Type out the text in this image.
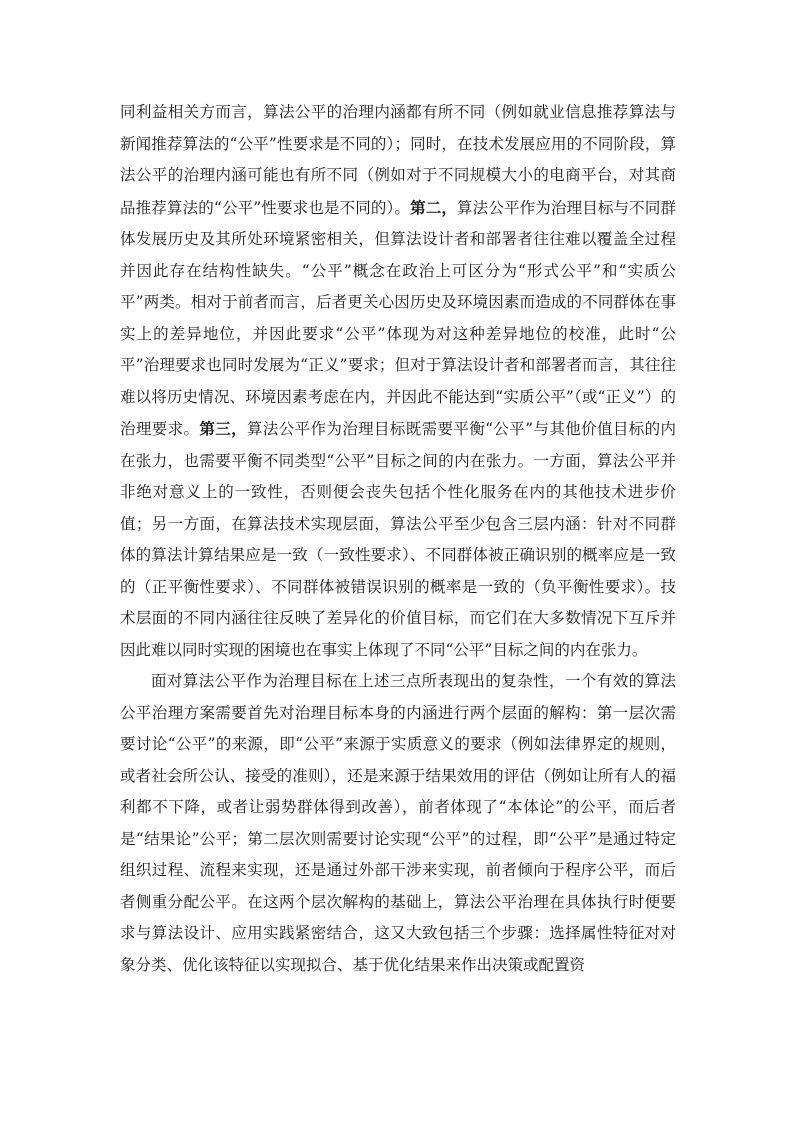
同利益相关方而言，算法公平的治理内涵都有所不同（例如就业信息推荐算法与新闻推荐算法的“公平”性要求是不同的）；同时，在技术发展应用的不同阶段，算法公平的治理内涵可能也有所不同（例如对于不同规模大小的电商平台，对其商品推荐算法的“公平”性要求也是不同的）。第二，算法公平作为治理目标与不同群体发展历史及其所处环境紧密相关，但算法设计者和部署者往往难以覆盖全过程并因此存在结构性缺失。“公平”概念在政治上可区分为“形式公平”和“实质公平”两类。相对于前者而言，后者更关心因历史及环境因素而造成的不同群体在事实上的差异地位，并因此要求“公平”体现为对这种差异地位的校准，此时“公平”治理要求也同时发展为“正义”要求；但对于算法设计者和部署者而言，其往往难以将历史情况、环境因素考虑在内，并因此不能达到“实质公平”（或“正义”）的治理要求。第三，算法公平作为治理目标既需要平衡“公平”与其他价值目标的内在张力，也需要平衡不同类型“公平”目标之间的内在张力。一方面，算法公平并非绝对意义上的一致性，否则便会丧失包括个性化服务在内的其他技术进步价值；另一方面，在算法技术实现层面，算法公平至少包含三层内涵：针对不同群体的算法计算结果应是一致（一致性要求）、不同群体被正确识别的概率应是一致的（正平衡性要求）、不同群体被错误识别的概率是一致的（负平衡性要求）。技术层面的不同内涵往往反映了差异化的价值目标，而它们在大多数情况下互斥并因此难以同时实现的困境也在事实上体现了不同“公平”目标之间的内在张力。

面对算法公平作为治理目标在上述三点所表现出的复杂性，一个有效的算法公平治理方案需要首先对治理目标本身的内涵进行两个层面的解构：第一层次需要讨论“公平”的来源，即“公平”来源于实质意义的要求（例如法律界定的规则，或者社会所公认、接受的准则），还是来源于结果效用的评估（例如让所有人的福利都不下降，或者让弱势群体得到改善），前者体现了“本体论”的公平，而后者是“结果论”公平；第二层次则需要讨论实现“公平”的过程，即“公平”是通过特定组织过程、流程来实现，还是通过外部干涉来实现，前者倾向于程序公平，而后者侧重分配公平。在这两个层次解构的基础上，算法公平治理在具体执行时便要求与算法设计、应用实践紧密结合，这又大致包括三个步骤：选择属性特征对对象分类、优化该特征以实现拟合、基于优化结果来作出决策或配置资
